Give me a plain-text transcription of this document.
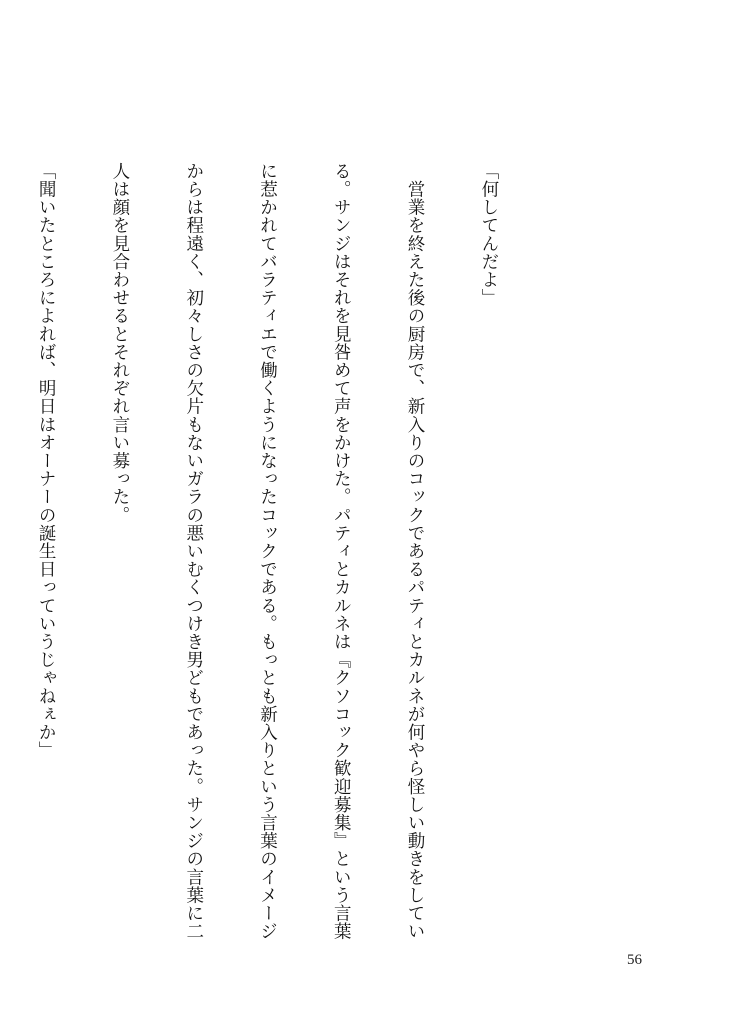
「何してんだよ」

　営業を終えた後の厨房で、新入りのコックであるパティとカルネが何やら怪しい動きをしてい

る。サンジはそれを見咎めて声をかけた。パティとカルネは『クソコック歓迎募集』という言葉

に惹かれてバラティエで働くようになったコックである。もっとも新入りという言葉のイメージ

からは程遠く、初々しさの欠片もないガラの悪いむくつけき男どもであった。サンジの言葉に二

人は顔を見合わせるとそれぞれ言い募った。

「聞いたところによれば、明日はオーナーの誕生日っていうじゃねぇか」

56
